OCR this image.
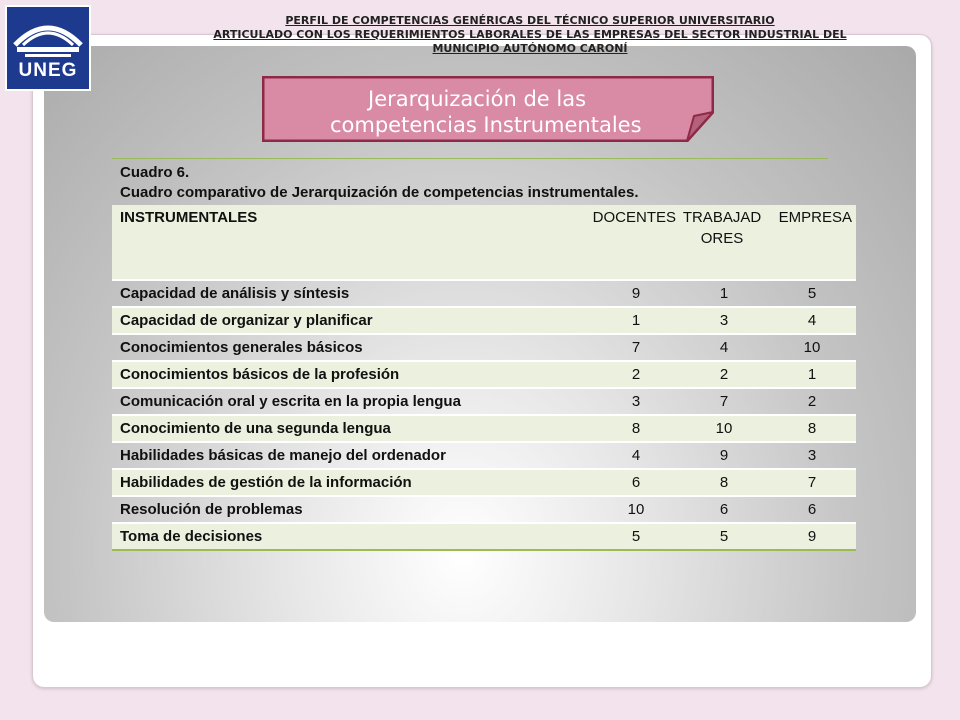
UNEG
PERFIL DE COMPETENCIAS GENÉRICAS DEL TÉCNICO SUPERIOR UNIVERSITARIO
ARTICULADO CON LOS REQUERIMIENTOS LABORALES DE LAS EMPRESAS DEL SECTOR INDUSTRIAL DEL
MUNICIPIO AUTÓNOMO CARONÍ
Jerarquización de las
competencias Instrumentales
Cuadro 6.
Cuadro comparativo de Jerarquización de competencias instrumentales.
INSTRUMENTALES	DOCENTES	TRABAJAD ORES	EMPRESA
Capacidad de análisis y síntesis	9	1	5
Capacidad de organizar y planificar	1	3	4
Conocimientos generales básicos	7	4	10
Conocimientos básicos de la profesión	2	2	1
Comunicación oral y escrita en la propia lengua	3	7	2
Conocimiento de una segunda lengua	8	10	8
Habilidades básicas de manejo del ordenador	4	9	3
Habilidades de gestión de la información	6	8	7
Resolución de problemas	10	6	6
Toma de decisiones	5	5	9
